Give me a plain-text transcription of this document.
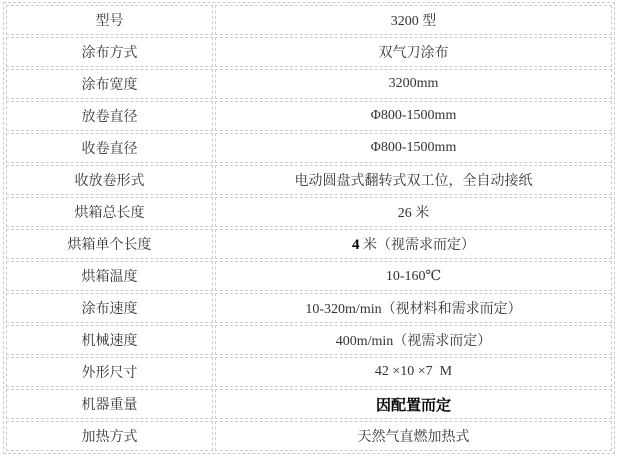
型号	3200 型
涂布方式	双气刀涂布
涂布宽度	3200mm
放卷直径	Φ800-1500mm
收卷直径	Φ800-1500mm
收放卷形式	电动圆盘式翻转式双工位，全自动接纸
烘箱总长度	26 米
烘箱单个长度	4 米（视需求而定）
烘箱温度	10-160℃
涂布速度	10-320m/min（视材料和需求而定）
机械速度	400m/min（视需求而定）
外形尺寸	42 ×10 ×7  M
机器重量	因配置而定
加热方式	天然气直燃加热式
